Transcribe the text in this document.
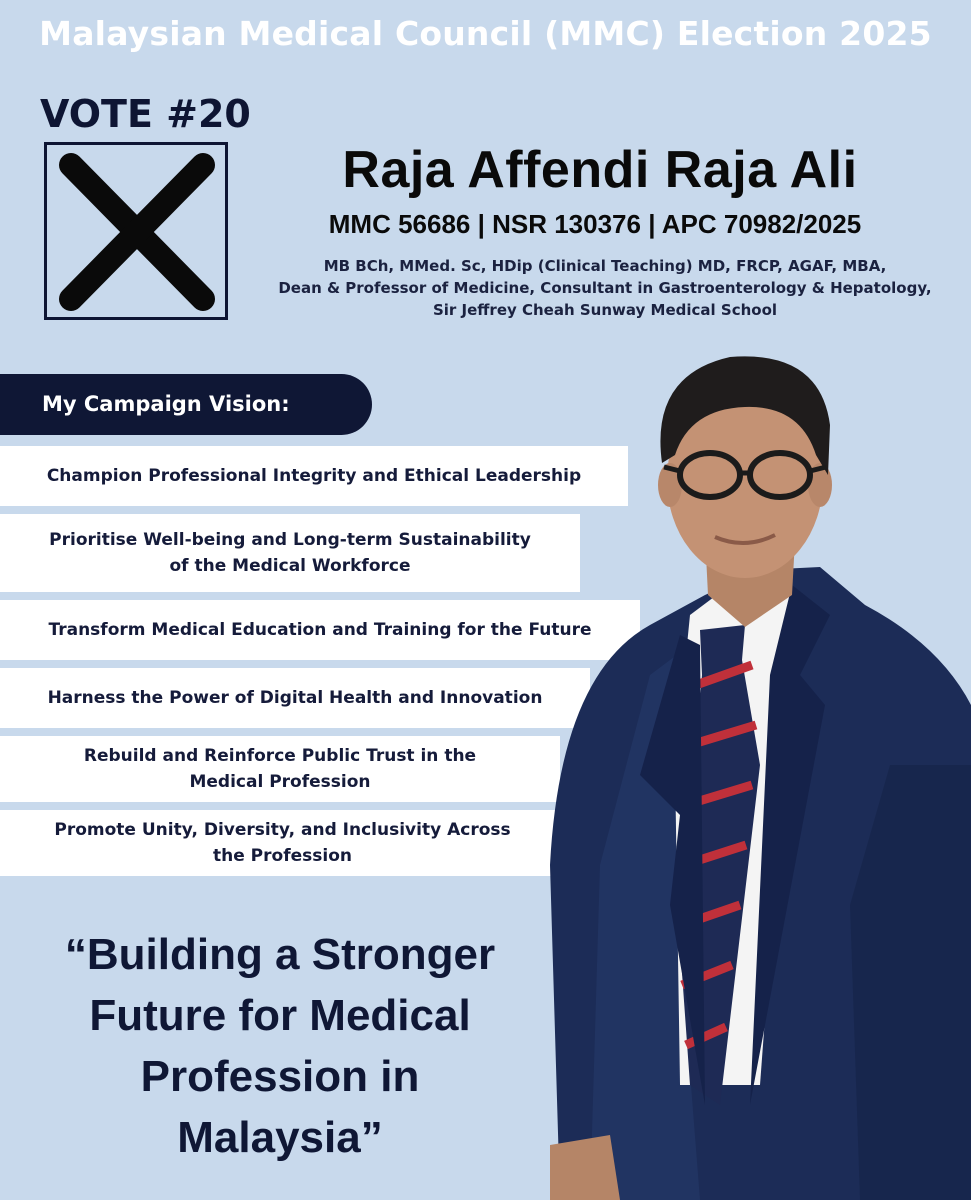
Malaysian Medical Council (MMC) Election 2025
VOTE #20
Raja Affendi Raja Ali
MMC 56686 | NSR 130376 | APC 70982/2025
MB BCh, MMed. Sc, HDip (Clinical Teaching) MD, FRCP, AGAF, MBA,
Dean & Professor of Medicine, Consultant in Gastroenterology & Hepatology,
Sir Jeffrey Cheah Sunway Medical School
My Campaign Vision:
Champion Professional Integrity and Ethical Leadership
Prioritise Well-being and Long-term Sustainability
of the Medical Workforce
Transform Medical Education and Training for the Future
Harness the Power of Digital Health and Innovation
Rebuild and Reinforce Public Trust in the
Medical Profession
Promote Unity, Diversity, and Inclusivity Across
the Profession
“Building a Stronger
Future for Medical
Profession in
Malaysia”
